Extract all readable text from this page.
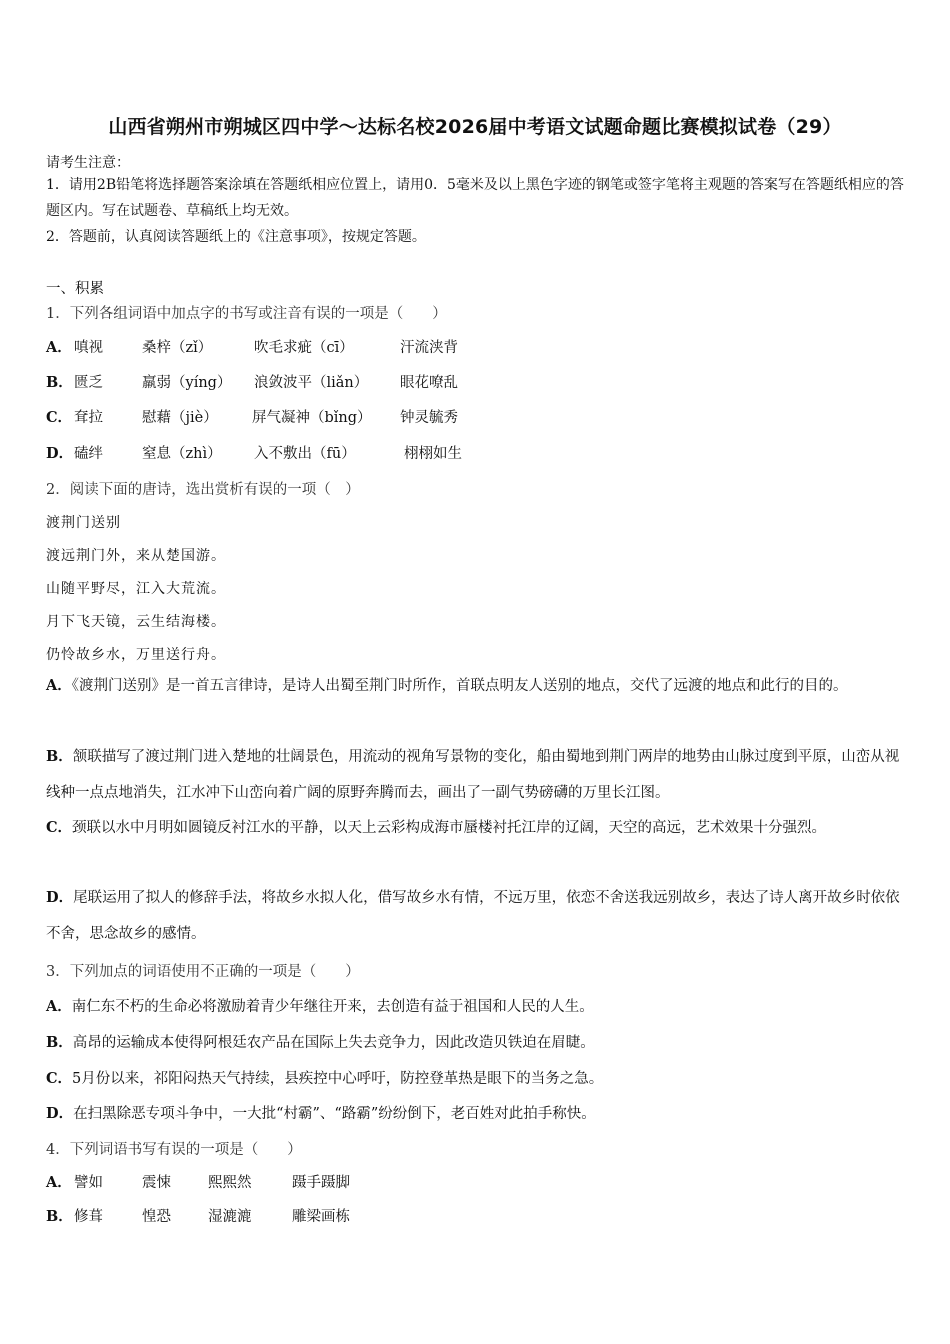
山西省朔州市朔城区四中学～达标名校2026届中考语文试题命题比赛模拟试卷（29）
请考生注意：
1．请用2B铅笔将选择题答案涂填在答题纸相应位置上，请用0．5毫米及以上黑色字迹的钢笔或签字笔将主观题的答案写在答题纸相应的答题区内。写在试题卷、草稿纸上均无效。
2．答题前，认真阅读答题纸上的《注意事项》，按规定答题。
一、积累
1．下列各组词语中加点字的书写或注音有误的一项是（　　）
A． 嗔视	桑梓（zǐ）	吹毛求疵（cī）	汗流浃背
B．匮乏	羸弱（yíng） 浪敛波平（liǎn） 眼花嘹乱
C． 耷拉	慰藉（jiè） 屏气凝神（bǐng） 钟灵毓秀
D．磕绊	窒息（zhì） 入不敷出（fū）	栩栩如生
2．阅读下面的唐诗，选出赏析有误的一项（　）
渡荆门送别
渡远荆门外，来从楚国游。
山随平野尽，江入大荒流。
月下飞天镜，云生结海楼。
仍怜故乡水，万里送行舟。
A．《渡荆门送别》是一首五言律诗，是诗人出蜀至荆门时所作，首联点明友人送别的地点，交代了远渡的地点和此行的目的。
B．颔联描写了渡过荆门进入楚地的壮阔景色，用流动的视角写景物的变化，船由蜀地到荆门两岸的地势由山脉过度到平原，山峦从视线种一点点地消失，江水冲下山峦向着广阔的原野奔腾而去，画出了一副气势磅礴的万里长江图。
C．颈联以水中月明如圆镜反衬江水的平静，以天上云彩构成海市蜃楼衬托江岸的辽阔，天空的高远，艺术效果十分强烈。
D．尾联运用了拟人的修辞手法，将故乡水拟人化，借写故乡水有情，不远万里，依恋不舍送我远别故乡，表达了诗人离开故乡时依依不舍，思念故乡的感情。
3．下列加点的词语使用不正确的一项是（　　）
A．南仁东不朽的生命必将激励着青少年继往开来，去创造有益于祖国和人民的人生。
B．高昂的运输成本使得阿根廷农产品在国际上失去竞争力，因此改造贝铁迫在眉睫。
C．5月份以来，祁阳闷热天气持续，县疾控中心呼吁，防控登革热是眼下的当务之急。
D．在扫黑除恶专项斗争中，一大批“村霸”、“路霸”纷纷倒下，老百姓对此拍手称快。
4．下列词语书写有误的一项是（　　）
A． 譬如	震悚	熙熙然	蹑手蹑脚
B．修葺	惶恐	湿漉漉	雕梁画栋
